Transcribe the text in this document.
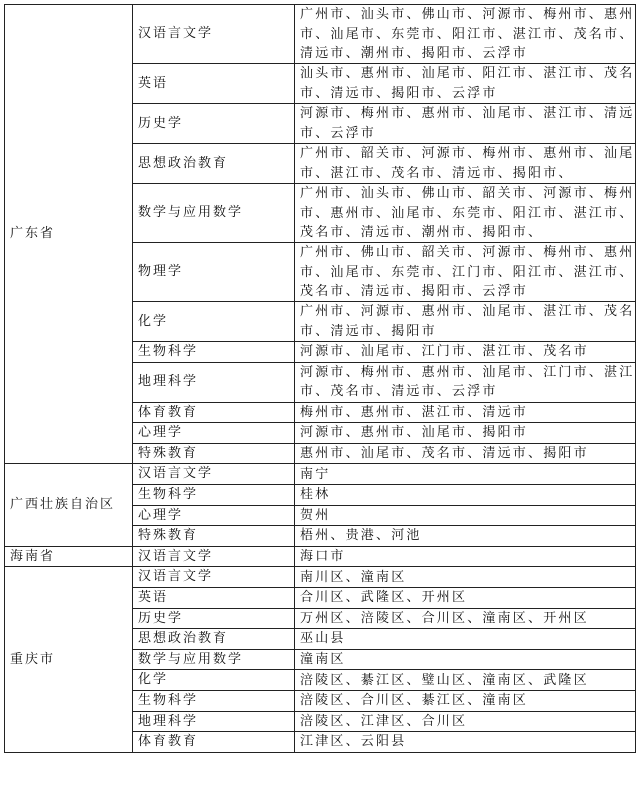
广东省	汉语言文学	广州市、汕头市、佛山市、河源市、梅州市、惠州市、汕尾市、东莞市、阳江市、湛江市、茂名市、清远市、潮州市、揭阳市、云浮市

	英语	汕头市、惠州市、汕尾市、阳江市、湛江市、茂名市、清远市、揭阳市、云浮市

	历史学	河源市、梅州市、惠州市、汕尾市、湛江市、清远市、云浮市

	思想政治教育	广州市、韶关市、河源市、梅州市、惠州市、汕尾市、湛江市、茂名市、清远市、揭阳市、

	数学与应用数学	广州市、汕头市、佛山市、韶关市、河源市、梅州市、惠州市、汕尾市、东莞市、阳江市、湛江市、茂名市、清远市、潮州市、揭阳市、

	物理学	广州市、佛山市、韶关市、河源市、梅州市、惠州市、汕尾市、东莞市、江门市、阳江市、湛江市、茂名市、清远市、揭阳市、云浮市

	化学	广州市、河源市、惠州市、汕尾市、湛江市、茂名市、清远市、揭阳市

	生物科学	河源市、汕尾市、江门市、湛江市、茂名市

	地理科学	河源市、梅州市、惠州市、汕尾市、江门市、湛江市、茂名市、清远市、云浮市

	体育教育	梅州市、惠州市、湛江市、清远市

	心理学	河源市、惠州市、汕尾市、揭阳市

	特殊教育	惠州市、汕尾市、茂名市、清远市、揭阳市

广西壮族自治区	汉语言文学	南宁

	生物科学	桂林

	心理学	贺州

	特殊教育	梧州、贵港、河池

海南省	汉语言文学	海口市

重庆市	汉语言文学	南川区、潼南区

	英语	合川区、武隆区、开州区

	历史学	万州区、涪陵区、合川区、潼南区、开州区

	思想政治教育	巫山县

	数学与应用数学	潼南区

	化学	涪陵区、綦江区、璧山区、潼南区、武隆区

	生物科学	涪陵区、合川区、綦江区、潼南区

	地理科学	涪陵区、江津区、合川区

	体育教育	江津区、云阳县
